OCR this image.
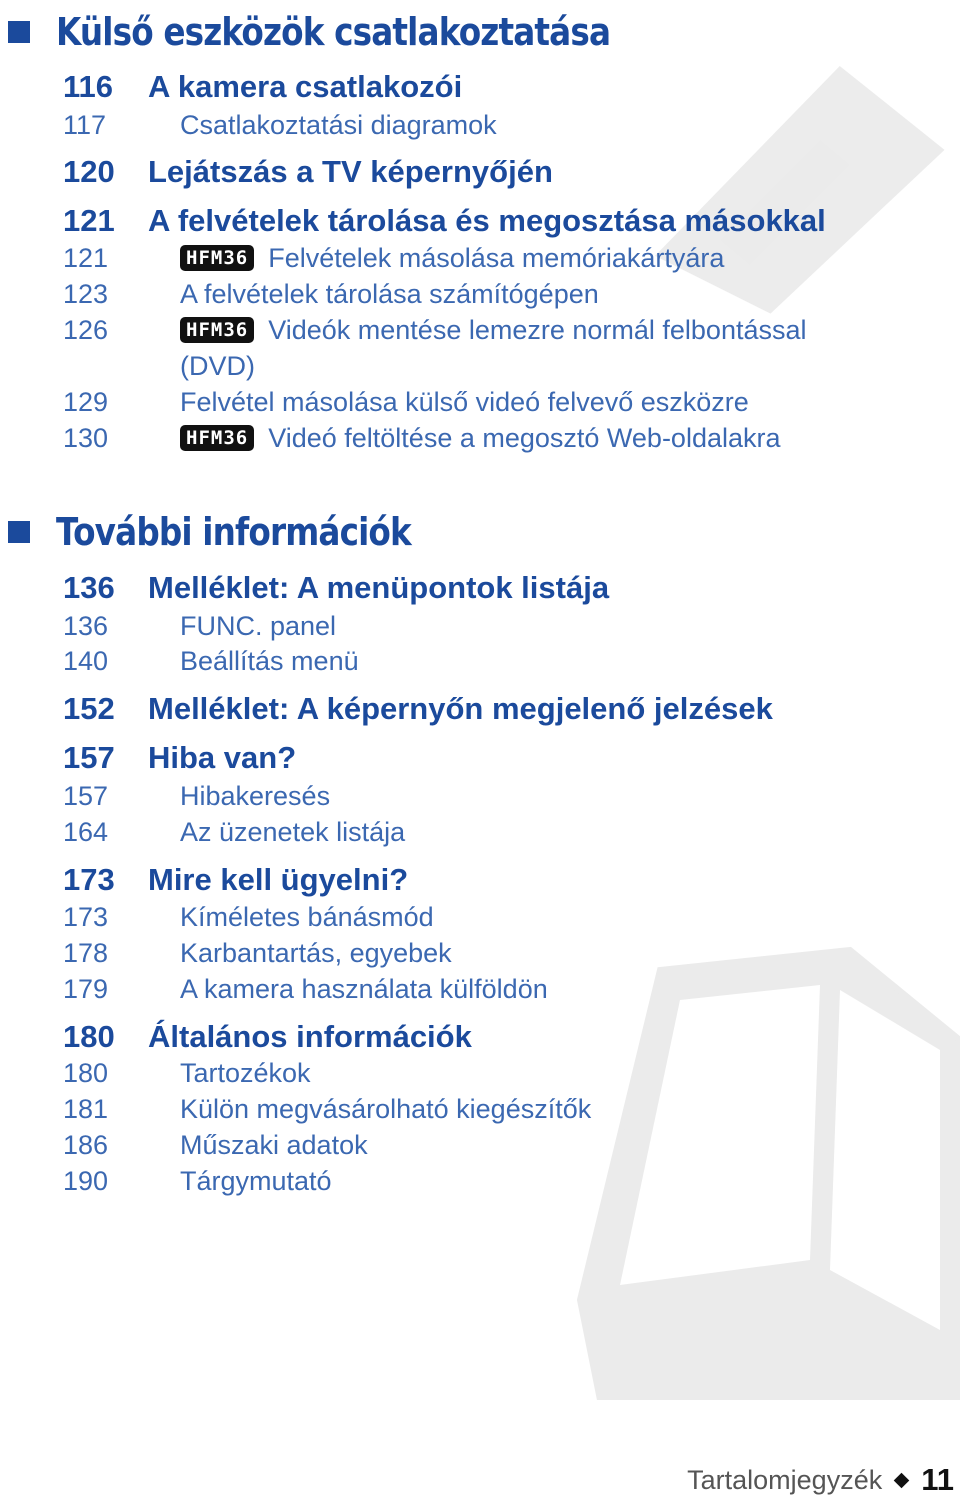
Külső eszközök csatlakoztatása
116	A kamera csatlakozói
117	Csatlakoztatási diagramok
120	Lejátszás a TV képernyőjén
121	A felvételek tárolása és megosztása másokkal
121	HFM36 Felvételek másolása memóriakártyára
123	A felvételek tárolása számítógépen
126	HFM36 Videók mentése lemezre normál felbontással
(DVD)
129	Felvétel másolása külső videó felvevő eszközre
130	HFM36 Videó feltöltése a megosztó Web-oldalakra
További információk
136	Melléklet: A menüpontok listája
136	FUNC. panel
140	Beállítás menü
152	Melléklet: A képernyőn megjelenő jelzések
157	Hiba van?
157	Hibakeresés
164	Az üzenetek listája
173	Mire kell ügyelni?
173	Kíméletes bánásmód
178	Karbantartás, egyebek
179	A kamera használata külföldön
180	Általános információk
180	Tartozékok
181	Külön megvásárolható kiegészítők
186	Műszaki adatok
190	Tárgymutató
Tartalomjegyzék 11
